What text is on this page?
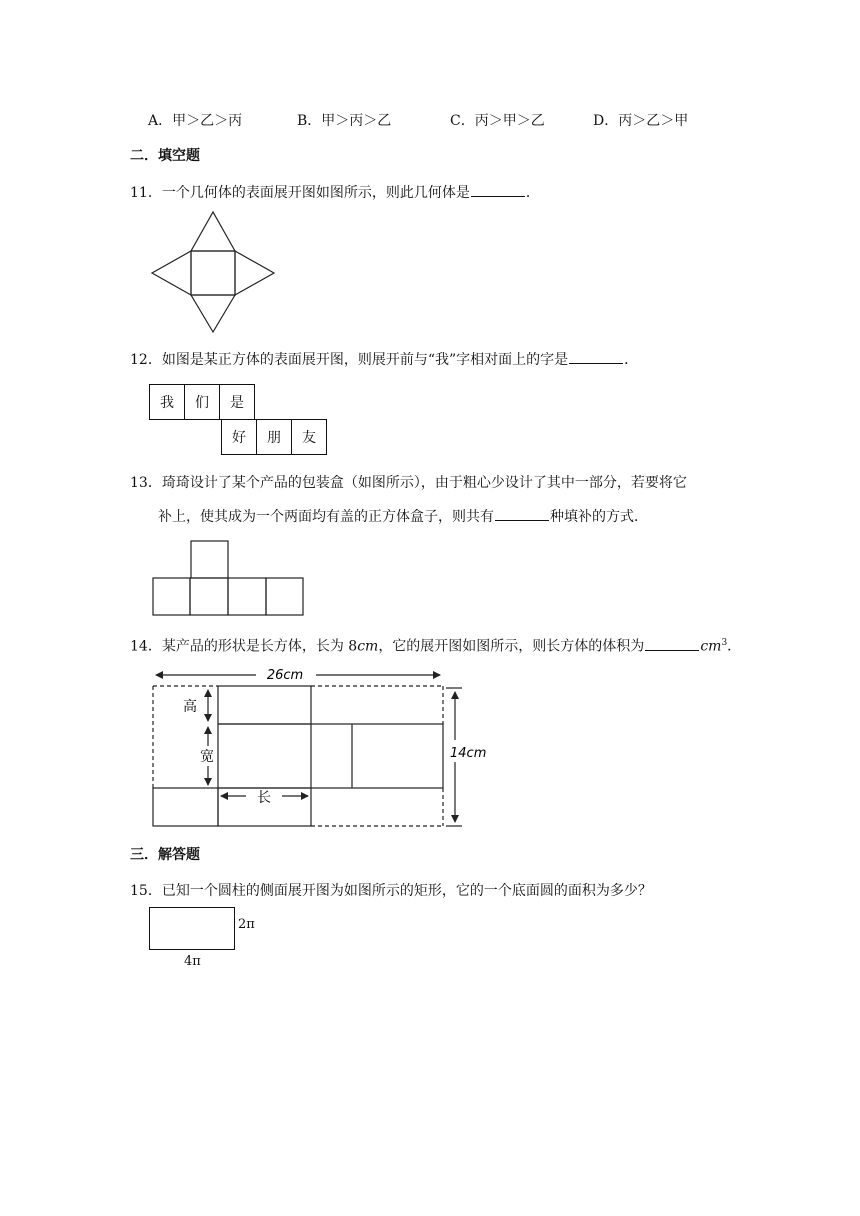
A．甲＞乙＞丙	B．甲＞丙＞乙	C．丙＞甲＞乙	D．丙＞乙＞甲
二．填空题
11．一个几何体的表面展开图如图所示，则此几何体是	．
12．如图是某正方体的表面展开图，则展开前与“我”字相对面上的字是	．
我	们	是
好	朋	友
13．琦琦设计了某个产品的包装盒（如图所示），由于粗心少设计了其中一部分，若要将它
补上，使其成为一个两面均有盖的正方体盒子，则共有	种填补的方式．
14．某产品的形状是长方体，长为 8cm，它的展开图如图所示，则长方体的体积为	$cm^3$．
26cm
14cm
高
宽
长
三．解答题
15．已知一个圆柱的侧面展开图为如图所示的矩形，它的一个底面圆的面积为多少？
2π
4π
